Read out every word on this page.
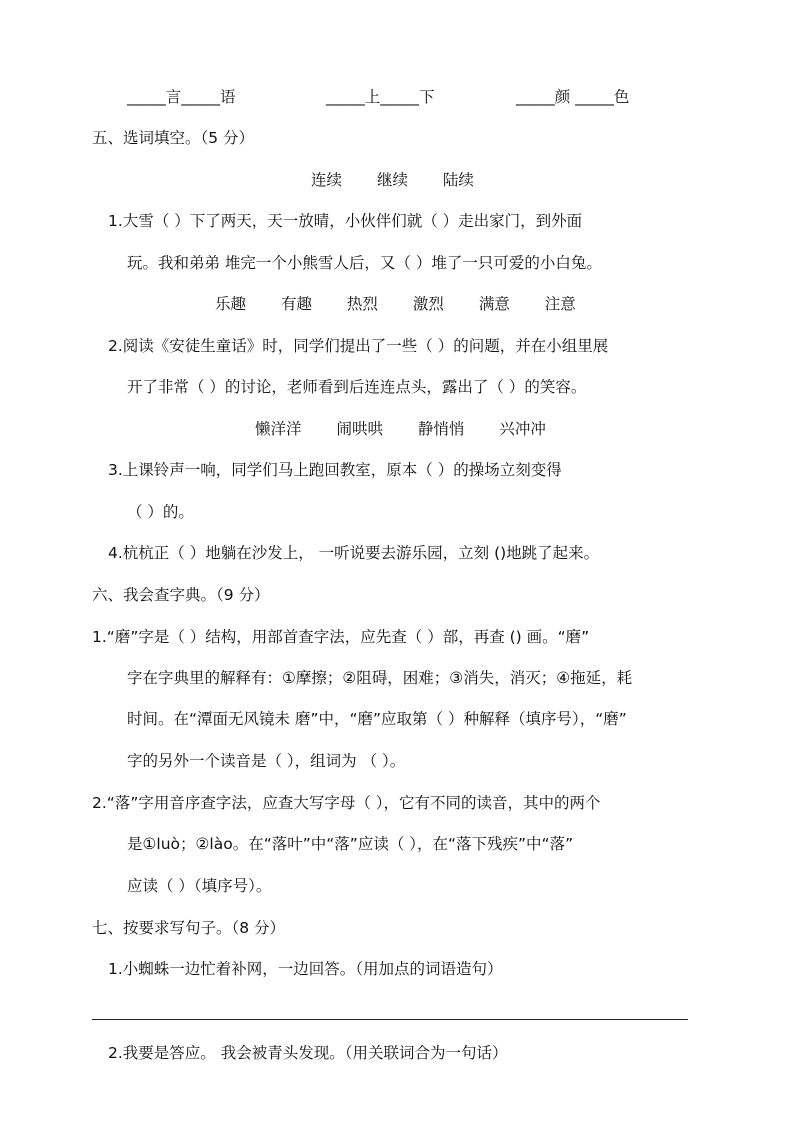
_____言_____语	_____上_____下	_____颜 _____色
五、选词填空。（5 分）
连续 继续 陆续
1.大雪（ ）下了两天，天一放晴，小伙伴们就（ ）走出家门，到外面
玩。我和弟弟 堆完一个小熊雪人后，又（ ）堆了一只可爱的小白兔。
乐趣 有趣 热烈 激烈 满意 注意
2.阅读《安徒生童话》时，同学们提出了一些（ ）的问题，并在小组里展
开了非常（ ）的讨论，老师看到后连连点头，露出了（ ）的笑容。
懒洋洋 闹哄哄 静悄悄 兴冲冲
3.上课铃声一响，同学们马上跑回教室，原本（ ）的操场立刻变得
（ ）的。
4.杭杭正（ ）地躺在沙发上， 一听说要去游乐园，立刻 ()地跳了起来。
六、我会查字典。（9 分）
1.“磨”字是（ ）结构，用部首查字法，应先查（ ）部，再查 () 画。“磨”
字在字典里的解释有：①摩擦；②阻碍，困难；③消失，消灭；④拖延，耗
时间。在“潭面无风镜未 磨”中，“磨”应取第（ ）种解释（填序号），“磨”
字的另外一个读音是（ ），组词为 （ ）。
2.“落”字用音序查字法，应查大写字母（ ），它有不同的读音，其中的两个
是①luò；②lào。在“落叶”中“落”应读（ ），在“落下残疾”中“落”
应读（ ）（填序号）。
七、按要求写句子。（8 分）
1.小蜘蛛一边忙着补网，一边回答。（用加点的词语造句）
2.我要是答应。 我会被青头发现。（用关联词合为一句话）
